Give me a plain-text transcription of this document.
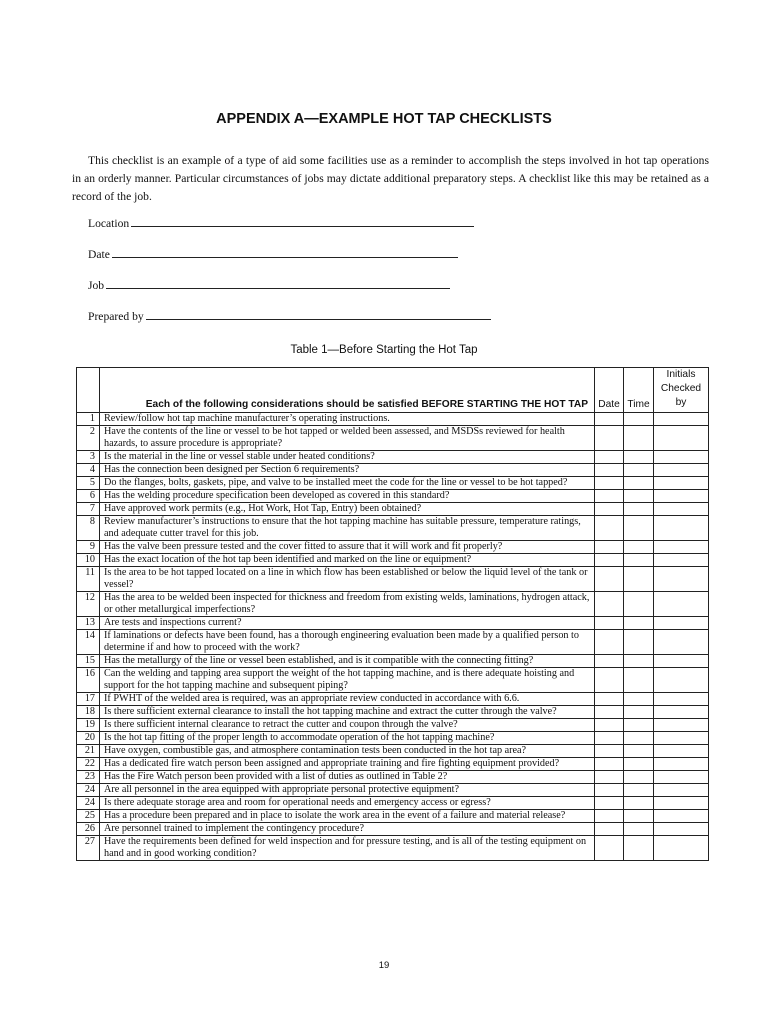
APPENDIX A—EXAMPLE HOT TAP CHECKLISTS
This checklist is an example of a type of aid some facilities use as a reminder to accomplish the steps involved in hot tap operations in an orderly manner. Particular circumstances of jobs may dictate additional preparatory steps. A checklist like this may be retained as a record of the job.
Location
Date
Job
Prepared by
Table 1—Before Starting the Hot Tap
	Each of the following considerations should be satisfied BEFORE STARTING THE HOT TAP	Date	Time	Initials
Checked
by
1	Review/follow hot tap machine manufacturer’s operating instructions.			
2	Have the contents of the line or vessel to be hot tapped or welded been assessed, and MSDSs reviewed for health hazards, to assure procedure is appropriate?			
3	Is the material in the line or vessel stable under heated conditions?			
4	Has the connection been designed per Section 6 requirements?			
5	Do the flanges, bolts, gaskets, pipe, and valve to be installed meet the code for the line or vessel to be hot tapped?			
6	Has the welding procedure specification been developed as covered in this standard?			
7	Have approved work permits (e.g., Hot Work, Hot Tap, Entry) been obtained?			
8	Review manufacturer’s instructions to ensure that the hot tapping machine has suitable pressure, temperature ratings, and adequate cutter travel for this job.			
9	Has the valve been pressure tested and the cover fitted to assure that it will work and fit properly?			
10	Has the exact location of the hot tap been identified and marked on the line or equipment?			
11	Is the area to be hot tapped located on a line in which flow has been established or below the liquid level of the tank or vessel?			
12	Has the area to be welded been inspected for thickness and freedom from existing welds, laminations, hydrogen attack, or other metallurgical imperfections?			
13	Are tests and inspections current?			
14	If laminations or defects have been found, has a thorough engineering evaluation been made by a qualified person to determine if and how to proceed with the work?			
15	Has the metallurgy of the line or vessel been established, and is it compatible with the connecting fitting?			
16	Can the welding and tapping area support the weight of the hot tapping machine, and is there adequate hoisting and support for the hot tapping machine and subsequent piping?			
17	If PWHT of the welded area is required, was an appropriate review conducted in accordance with 6.6.			
18	Is there sufficient external clearance to install the hot tapping machine and extract the cutter through the valve?			
19	Is there sufficient internal clearance to retract the cutter and coupon through the valve?			
20	Is the hot tap fitting of the proper length to accommodate operation of the hot tapping machine?			
21	Have oxygen, combustible gas, and atmosphere contamination tests been conducted in the hot tap area?			
22	Has a dedicated fire watch person been assigned and appropriate training and fire fighting equipment provided?			
23	Has the Fire Watch person been provided with a list of duties as outlined in Table 2?			
24	Are all personnel in the area equipped with appropriate personal protective equipment?			
24	Is there adequate storage area and room for operational needs and emergency access or egress?			
25	Has a procedure been prepared and in place to isolate the work area in the event of a failure and material release?			
26	Are personnel trained to implement the contingency procedure?			
27	Have the requirements been defined for weld inspection and for pressure testing, and is all of the testing equipment on hand and in good working condition?			
19
